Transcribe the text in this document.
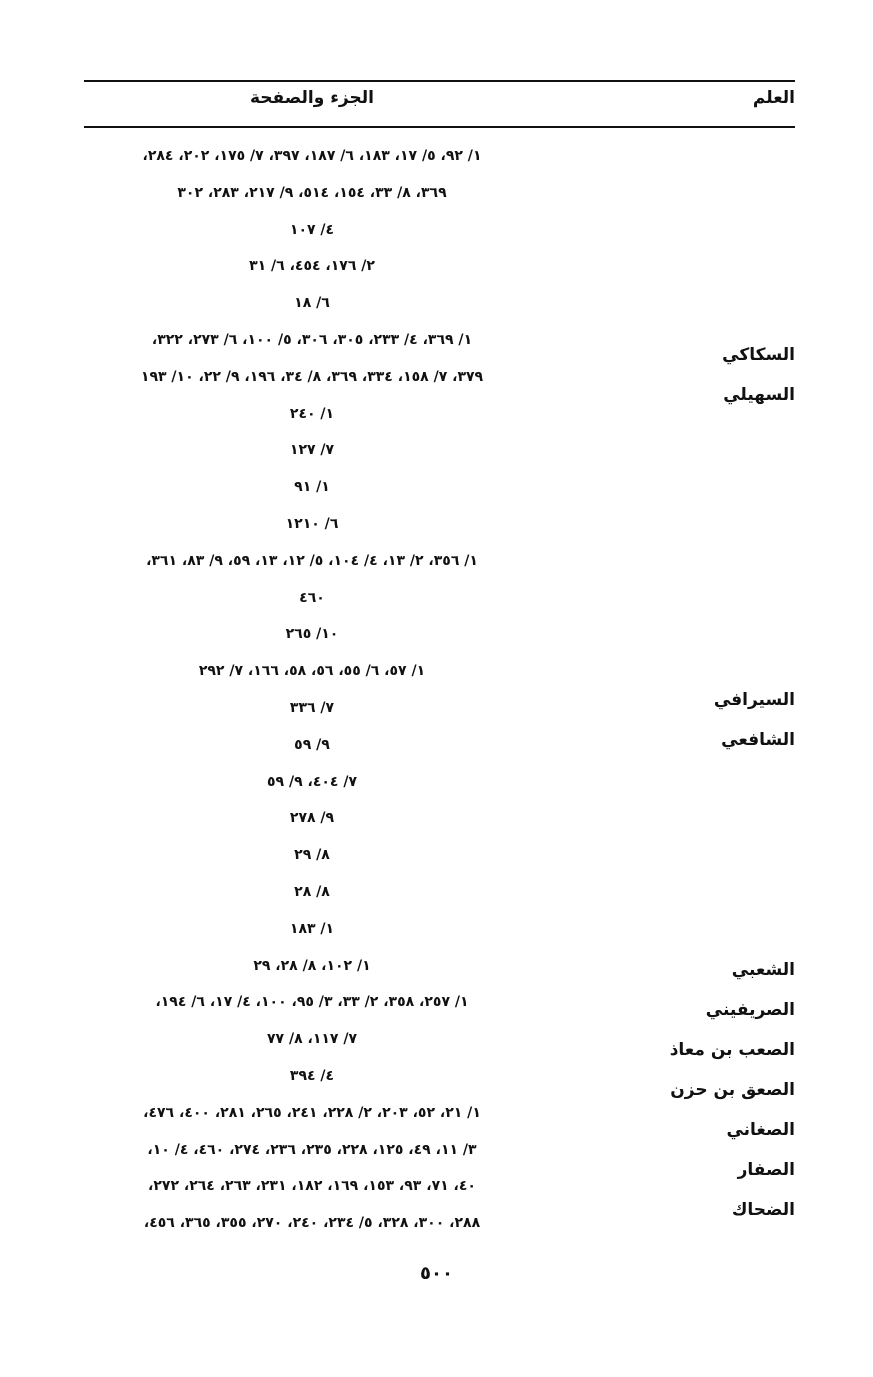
العلم
الجزء والصفحة
١/ ٩٢، ٥/ ١٧، ١٨٣، ٦/ ١٨٧، ٣٩٧، ٧/ ١٧٥، ٢٠٢، ٢٨٤،
٣٦٩، ٨/ ٣٣، ١٥٤، ٥١٤، ٩/ ٢١٧، ٢٨٣، ٣٠٢
٤/ ١٠٧
٢/ ١٧٦، ٤٥٤، ٦/ ٣١
٦/ ١٨
١/ ٣٦٩، ٤/ ٢٣٣، ٣٠٥، ٣٠٦، ٥/ ١٠٠، ٦/ ٢٧٣، ٣٢٢،
٣٧٩، ٧/ ١٥٨، ٣٣٤، ٣٦٩، ٨/ ٣٤، ١٩٦، ٩/ ٢٢، ١٠/ ١٩٣
١/ ٢٤٠
٧/ ١٢٧
١/ ٩١
٦/ ١٢١٠
١/ ٣٥٦، ٢/ ١٣، ٤/ ١٠٤، ٥/ ١٢، ١٣، ٥٩، ٩/ ٨٣، ٣٦١،
٤٦٠
١٠/ ٢٦٥
١/ ٥٧، ٦/ ٥٥، ٥٦، ٥٨، ١٦٦، ٧/ ٢٩٢
٧/ ٣٣٦
٩/ ٥٩
٧/ ٤٠٤، ٩/ ٥٩
٩/ ٢٧٨
٨/ ٢٩
٨/ ٢٨
١/ ١٨٣
١/ ١٠٢، ٨/ ٢٨، ٢٩
١/ ٢٥٧، ٣٥٨، ٢/ ٣٣، ٣/ ٩٥، ١٠٠، ٤/ ١٧، ٦/ ١٩٤،
٧/ ١١٧، ٨/ ٧٧
٤/ ٣٩٤
١/ ٢١، ٥٢، ٢٠٣، ٢/ ٢٢٨، ٢٤١، ٢٦٥، ٢٨١، ٤٠٠، ٤٧٦،
٣/ ١١، ٤٩، ١٢٥، ٢٢٨، ٢٣٥، ٢٣٦، ٢٧٤، ٤٦٠، ٤/ ١٠،
٤٠، ٧١، ٩٣، ١٥٣، ١٦٩، ١٨٢، ٢٣١، ٢٦٣، ٢٦٤، ٢٧٢،
٢٨٨، ٣٠٠، ٣٢٨، ٥/ ٢٣٤، ٢٤٠، ٢٧٠، ٣٥٥، ٣٦٥، ٤٥٦،
السكاكي
السهيلي
السيرافي
الشافعي
الشعبي
الصريفيني
الصعب بن معاذ
الصعق بن حزن
الصغاني
الصفار
الضحاك
٥٠٠
